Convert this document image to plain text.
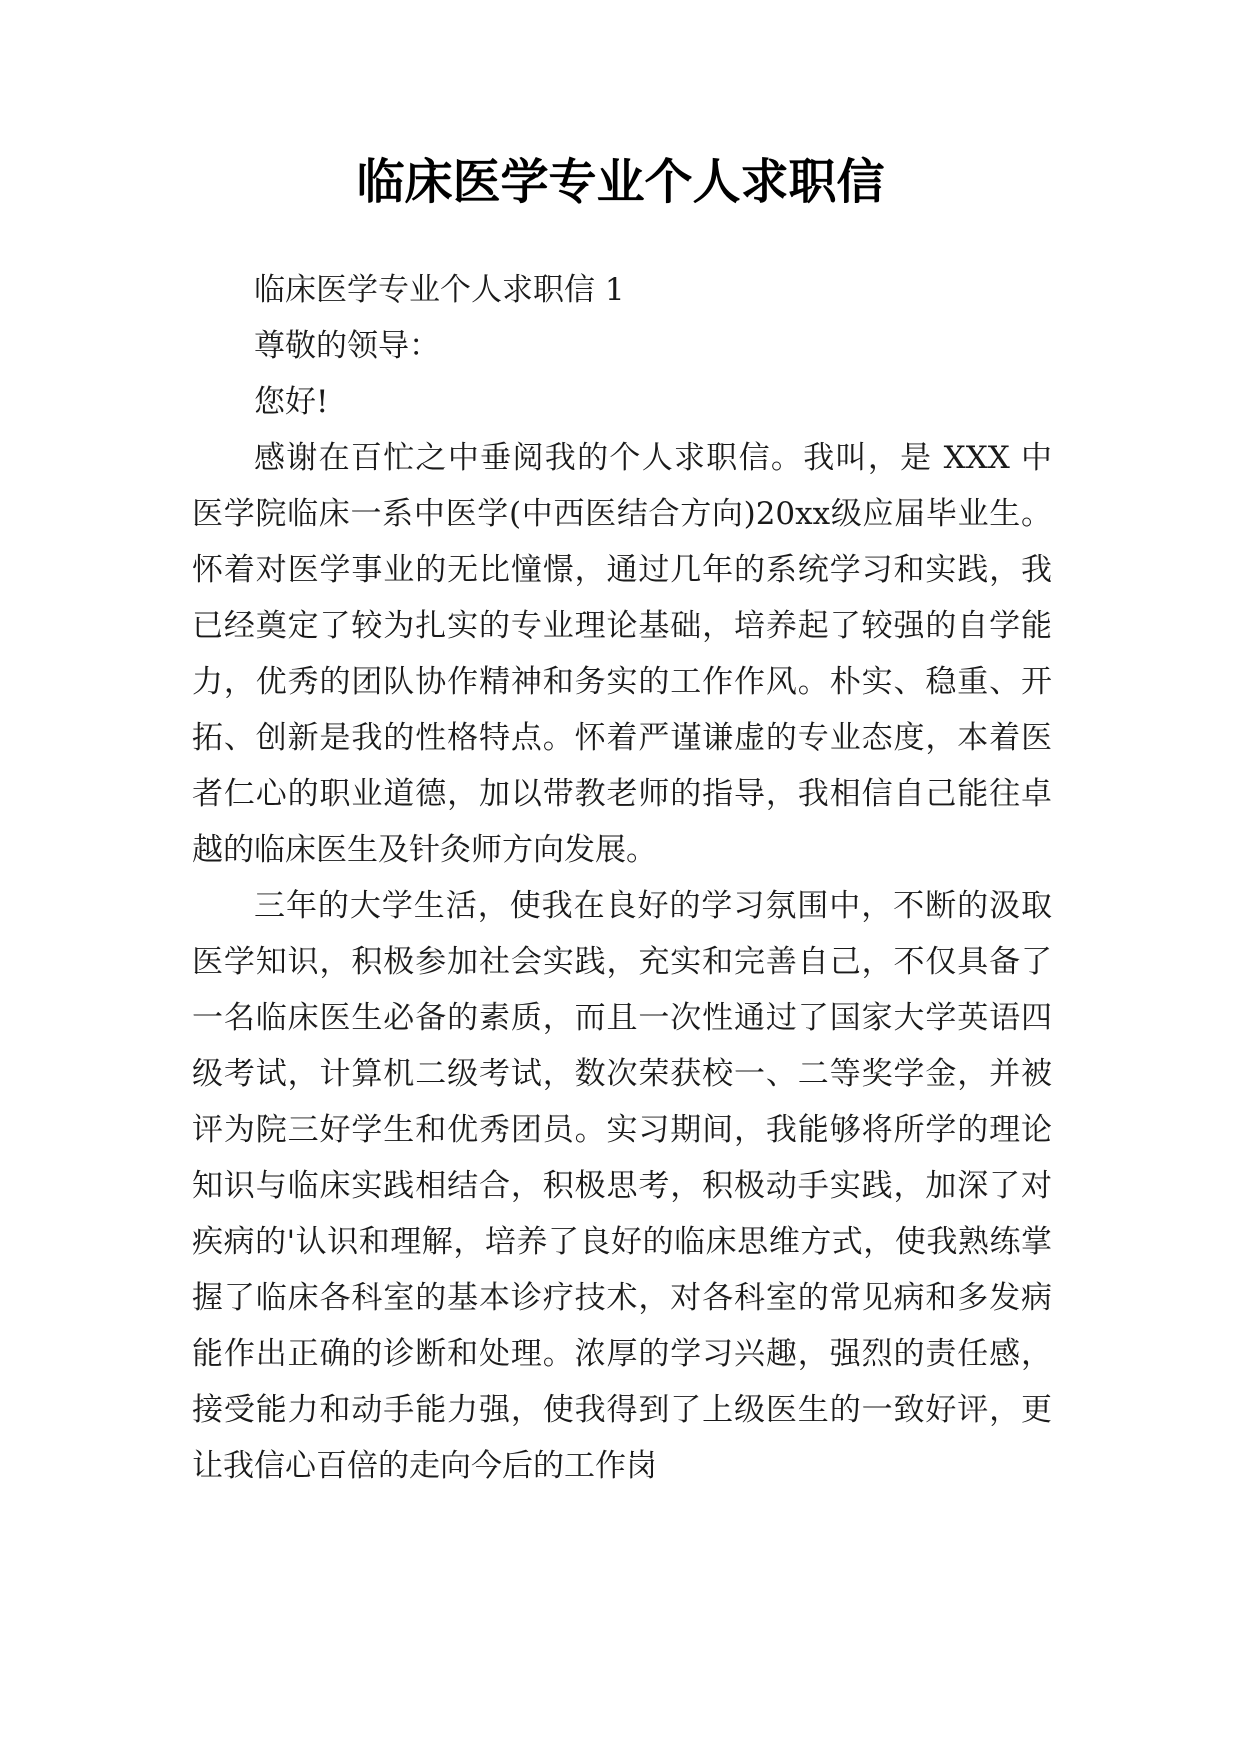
临床医学专业个人求职信

临床医学专业个人求职信 1

尊敬的领导：

您好!

感谢在百忙之中垂阅我的个人求职信。我叫，是 XXX 中医学院临床一系中医学(中西医结合方向)20xx级应届毕业生。怀着对医学事业的无比憧憬，通过几年的系统学习和实践，我已经奠定了较为扎实的专业理论基础，培养起了较强的自学能力，优秀的团队协作精神和务实的工作作风。朴实、稳重、开拓、创新是我的性格特点。怀着严谨谦虚的专业态度，本着医者仁心的职业道德，加以带教老师的指导，我相信自己能往卓越的临床医生及针灸师方向发展。

三年的大学生活，使我在良好的学习氛围中，不断的汲取医学知识，积极参加社会实践，充实和完善自己，不仅具备了一名临床医生必备的素质，而且一次性通过了国家大学英语四级考试，计算机二级考试，数次荣获校一、二等奖学金，并被评为院三好学生和优秀团员。实习期间，我能够将所学的理论知识与临床实践相结合，积极思考，积极动手实践，加深了对疾病的'认识和理解，培养了良好的临床思维方式，使我熟练掌握了临床各科室的基本诊疗技术，对各科室的常见病和多发病能作出正确的诊断和处理。浓厚的学习兴趣，强烈的责任感，接受能力和动手能力强，使我得到了上级医生的一致好评，更让我信心百倍的走向今后的工作岗
